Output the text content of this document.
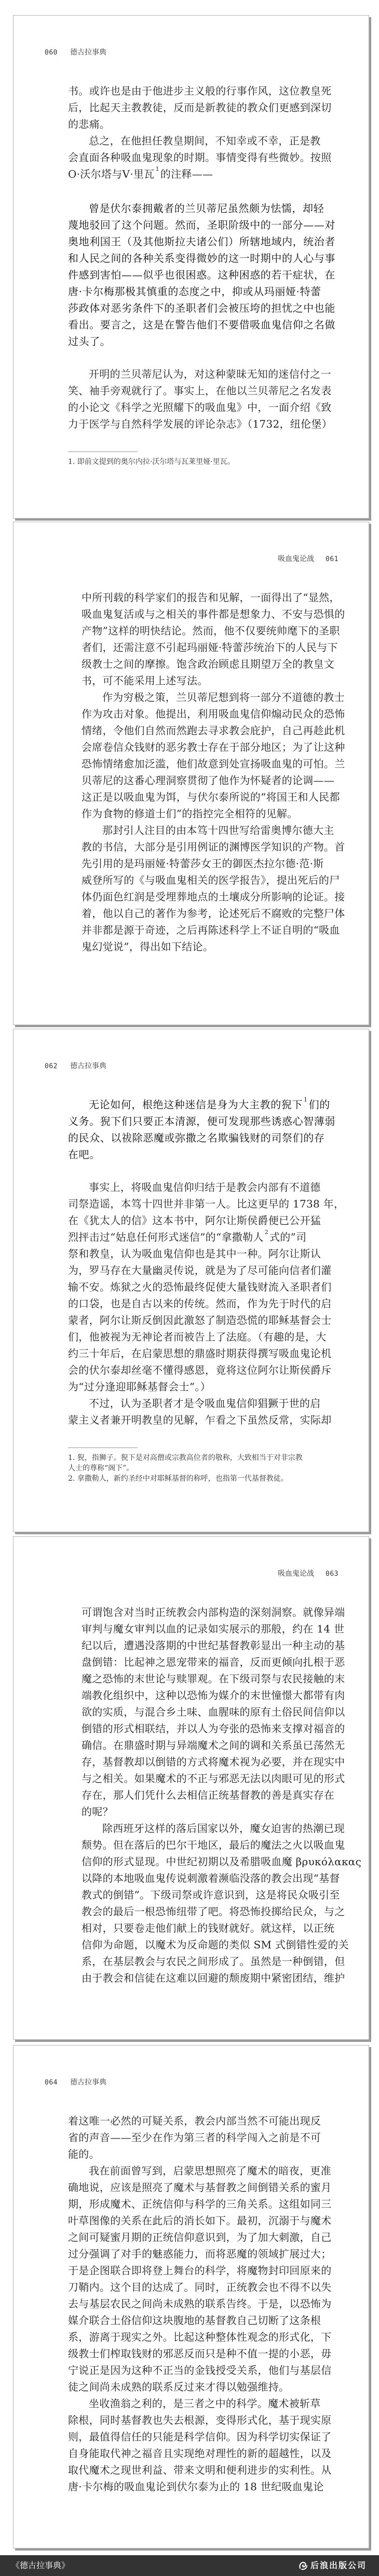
060 德古拉事典
书。或许也是由于他进步主义般的行事作风，这位教皇死
后，比起天主教教徒，反而是新教徒的教众们更感到深切
的悲痛。
总之，在他担任教皇期间，不知幸或不幸，正是教
会直面各种吸血鬼现象的时期。事情变得有些微妙。按照
O·沃尔塔与V·里瓦 $^1$ 的注释——
曾是伏尔泰拥戴者的兰贝蒂尼虽然颇为怯懦，却轻
蔑地驳回了这个问题。然而，圣职阶级中的一部分——对
奥地利国王（及其他斯拉夫诸公们）所辖地域内，统治者
和人民之间的各种关系变得微妙的这一时期中的人心与事
件感到害怕——似乎也很困惑。这种困惑的若干症状，在
唐·卡尔梅那极其慎重的态度之中，抑或从玛丽娅·特蕾
莎政体对恶劣条件下的圣职者们会被压垮的担忧之中也能
看出。要言之，这是在警告他们不要借吸血鬼信仰之名做
过头了。
开明的兰贝蒂尼认为，对这种蒙昧无知的迷信付之一
笑、袖手旁观就行了。事实上，在他以兰贝蒂尼之名发表
的小论文《科学之光照耀下的吸血鬼》中，一面介绍《致
力于医学与自然科学发展的评论杂志》（1732，纽伦堡）
1. 即前文提到的奥尔内拉·沃尔塔与瓦莱里娅·里瓦。
吸血鬼论战 061
中所刊载的科学家们的报告和见解，一面得出了“显然，
吸血鬼复活或与之相关的事件都是想象力、不安与恐惧的
产物”这样的明快结论。然而，他不仅要统帅麾下的圣职
者们，还需注意不引起玛丽娅·特蕾莎统治下的人民与下
级教士之间的摩擦。饱含政治顾虑且期望万全的教皇文
书，可不能采用上述写法。
作为穷极之策，兰贝蒂尼想到将一部分不道德的教士
作为攻击对象。他提出，利用吸血鬼信仰煽动民众的恐怖
情绪，令他们自然而然跑去寻求教会庇护，自己再趁此机
会席卷信众钱财的恶劣教士存在于部分地区；为了让这种
恐怖情绪愈加泛滥，他们故意到处宣扬吸血鬼的可怕。兰
贝蒂尼的这番心理洞察贯彻了他作为怀疑者的论调——
这正是以吸血鬼为饵，与伏尔泰所说的“将国王和人民都
作为食物的修道士们”的指控完全相符的见解。
那封引人注目的由本笃十四世写给雷奥博尔德大主
教的书信，大部分是引用例证的渊博医学知识的产物。首
先引用的是玛丽娅·特蕾莎女王的御医杰拉尔德·范·斯
威登所写的《与吸血鬼相关的医学报告》，提出死后的尸
体仍面色红润是受埋葬地点的土壤成分所影响的论证。接
着，他以自己的著作为参考，论述死后不腐败的完整尸体
并非都是源于奇迹，之后再陈述科学上不证自明的“吸血
鬼幻觉说”，得出如下结论。
062 德古拉事典
无论如何，根绝这种迷信是身为大主教的猊下 $^1$ 们的
义务。猊下们只要正本清源，便可发现那些诱惑心智薄弱
的民众、以祓除恶魔或弥撒之名欺骗钱财的司祭们的存
在吧。
事实上，将吸血鬼信仰归结于是教会内部有不道德
司祭造谣，本笃十四世并非第一人。比这更早的 1738 年，
在《犹太人的信》这本书中，阿尔让斯侯爵便已公开猛
烈抨击过“姑息任何形式迷信”的“拿撒勒人 $^2$ 式的”司
祭和教皇，认为吸血鬼信仰也是其中一种。阿尔让斯认
为，罗马存在大量幽灵传说，就是为了尽可能向信者们灌
输不安。炼狱之火的恐怖最终促使大量钱财流入圣职者们
的口袋，也是自古以来的传统。然而，作为先于时代的启
蒙者，阿尔让斯反倒因此激怒了制造恐慌的耶稣基督会士
们，他被视为无神论者而被告上了法庭。（有趣的是，大
约三十年后，在启蒙思想的鼎盛时期获得撰写吸血鬼论机
会的伏尔泰却丝毫不懂得感恩，竟将这位阿尔让斯侯爵斥
为“过分逢迎耶稣基督会士”。）
不过，认为圣职者才是令吸血鬼信仰猖獗于世的启
蒙主义者兼开明教皇的见解，乍看之下虽然反常，实际却
1. 猊，指狮子。猊下是对高僧或宗教高位者的敬称，大致相当于对非宗教
人士的尊称“阁下”。
2. 拿撒勒人，新约圣经中对耶稣基督的称呼，也指第一代基督教徒。
吸血鬼论战 063
可谓饱含对当时正统教会内部构造的深刻洞察。就像异端
审判与魔女审判以血的记录如实展示的那般，约在 14 世
纪以后，遭遇没落期的中世纪基督教彰显出一种主动的基
盘倒错：比起神之恩宠带来的福音，反而更倾向扎根于恶
魔之恐怖的末世论与赎罪观。在下级司祭与农民接触的末
端教化组织中，这种以恐怖为媒介的末世憧憬大都带有肉
欲的实质，与混合乡土味、血腥味的原有土俗民间信仰以
倒错的形式相联结，并以人为夸张的恐怖来支撑对福音的
确信。在鼎盛时期与异端魔术之间的调和关系虽已荡然无
存，基督教却以倒错的方式将魔术视为必要，并在现实中
与之相关。如果魔术的不正与邪恶无法以肉眼可见的形式
存在，那人们凭什么去相信正统基督教的善是真实存在
的呢？
除西班牙这样的落后国家以外，魔女迫害的热潮已现
颓势。但在落后的巴尔干地区，最后的魔法之火以吸血鬼
信仰的形式显现。中世纪初期以及希腊吸血魔 βρυκόλακας
以降的本地吸血鬼传说刺激着濒临没落的教会出现“基督
教式的倒错”。下级司祭或许意识到，这是将民众吸引至
教会的最后一根恐怖纽带了吧。将恐怖投掷给民众，与之
相对，只要卷走他们献上的钱财就好。就这样，以正统
信仰为命题，以魔术为反命题的类似 SM 式倒错性爱的关
系，在基层教会与农民之间形成了。虽然是一种倒错，但
由于教会和信徒在这难以回避的颓废期中紧密团结，维护
064 德古拉事典
着这唯一必然的可疑关系，教会内部当然不可能出现反
省的声音——至少在作为第三者的科学闯入之前是不可
能的。
我在前面曾写到，启蒙思想照亮了魔术的暗夜，更准
确地说，应该是照亮了魔术与基督教之间倒错关系的蜜月
期，形成魔术、正统信仰与科学的三角关系。这组如同三
叶草图像的关系在此后的消长如下。最初，沉溺于与魔术
之间可疑蜜月期的正统信仰意识到，为了加大刺激，自己
过分强调了对手的魅惑能力，而将恶魔的领域扩展过大；
于是企图联合即将登上舞台的科学，将魔物封印回原来的
刀鞘内。这个目的达成了。同时，正统教会也不得不以失
去与基层农民之间尚未成熟的联系告终。于是，以恐怖为
媒介联合土俗信仰这块腹地的基督教自己切断了这条根
系，游离于现实之外。比起这种整体性观念的形式化，下
级教士们榨取钱财的邪恶反而只是种不值一提的小恶，毋
宁说正是因为这种不正当的金钱授受关系，他们与基层信
徒之间尚未成熟的联系反过来才得以勉强维持。
坐收渔翁之利的，是三者之中的科学。魔术被斩草
除根，同时基督教也失去根源，变得形式化，基于现实原
则，最值得信任的只能是科学信仰。因为科学切实保证了
自身能取代神之福音且实现绝对理性的新的超越性，以及
取代魔术之现世利益、带来文明和便利进步的实利性。从
唐·卡尔梅的吸血鬼论到伏尔泰为止的 18 世纪吸血鬼论
《德古拉事典》	后浪出版公司
